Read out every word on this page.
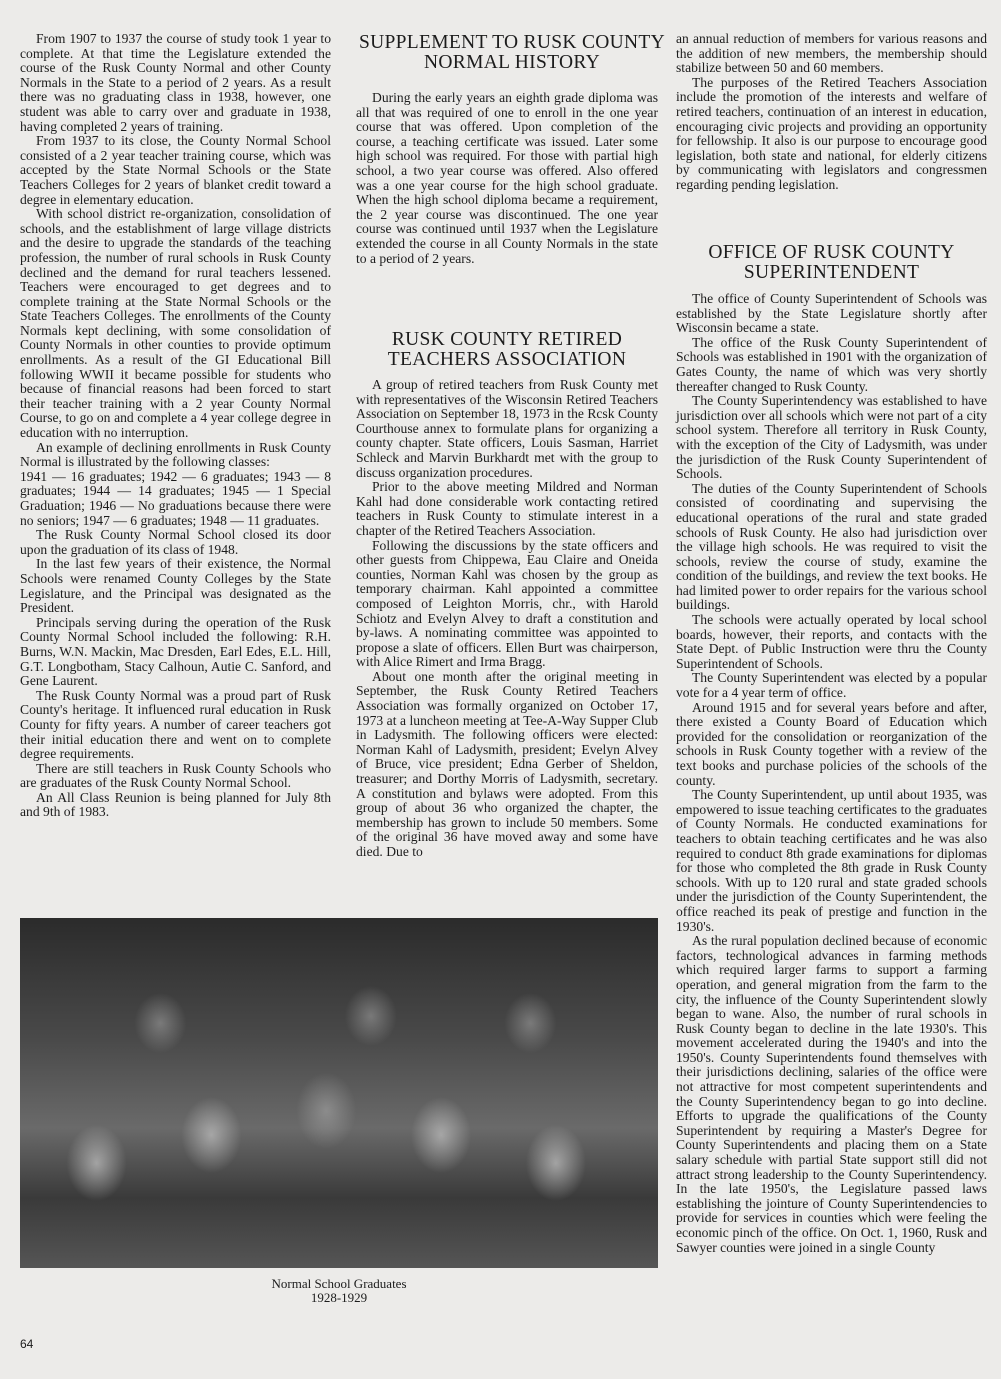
From 1907 to 1937 the course of study took 1 year to complete. At that time the Legislature extended the course of the Rusk County Normal and other County Normals in the State to a period of 2 years. As a result there was no graduating class in 1938, however, one student was able to carry over and graduate in 1938, having completed 2 years of training.

From 1937 to its close, the County Normal School consisted of a 2 year teacher training course, which was accepted by the State Normal Schools or the State Teachers Colleges for 2 years of blanket credit toward a degree in elementary education.

With school district re-organization, consolidation of schools, and the establishment of large village districts and the desire to upgrade the standards of the teaching profession, the number of rural schools in Rusk County declined and the demand for rural teachers lessened. Teachers were encouraged to get degrees and to complete training at the State Normal Schools or the State Teachers Colleges. The enrollments of the County Normals kept declining, with some consolidation of County Normals in other counties to provide optimum enrollments. As a result of the GI Educational Bill following WWII it became possible for students who because of financial reasons had been forced to start their teacher training with a 2 year County Normal Course, to go on and complete a 4 year college degree in education with no interruption.

An example of declining enrollments in Rusk County Normal is illustrated by the following classes:

1941 — 16 graduates; 1942 — 6 graduates; 1943 — 8 graduates; 1944 — 14 graduates; 1945 — 1 Special Graduation; 1946 — No graduations because there were no seniors; 1947 — 6 graduates; 1948 — 11 graduates.

The Rusk County Normal School closed its door upon the graduation of its class of 1948.

In the last few years of their existence, the Normal Schools were renamed County Colleges by the State Legislature, and the Principal was designated as the President.

Principals serving during the operation of the Rusk County Normal School included the following: R.H. Burns, W.N. Mackin, Mac Dresden, Earl Edes, E.L. Hill, G.T. Longbotham, Stacy Calhoun, Autie C. Sanford, and Gene Laurent.

The Rusk County Normal was a proud part of Rusk County's heritage. It influenced rural education in Rusk County for fifty years. A number of career teachers got their initial education there and went on to complete degree requirements.

There are still teachers in Rusk County Schools who are graduates of the Rusk County Normal School.

An All Class Reunion is being planned for July 8th and 9th of 1983.

SUPPLEMENT TO RUSK COUNTY NORMAL HISTORY

During the early years an eighth grade diploma was all that was required of one to enroll in the one year course that was offered. Upon completion of the course, a teaching certificate was issued. Later some high school was required. For those with partial high school, a two year course was offered. Also offered was a one year course for the high school graduate. When the high school diploma became a requirement, the 2 year course was discontinued. The one year course was continued until 1937 when the Legislature extended the course in all County Normals in the state to a period of 2 years.

RUSK COUNTY RETIRED TEACHERS ASSOCIATION

A group of retired teachers from Rusk County met with representatives of the Wisconsin Retired Teachers Association on September 18, 1973 in the Rcsk County Courthouse annex to formulate plans for organizing a county chapter. State officers, Louis Sasman, Harriet Schleck and Marvin Burkhardt met with the group to discuss organization procedures.

Prior to the above meeting Mildred and Norman Kahl had done considerable work contacting retired teachers in Rusk County to stimulate interest in a chapter of the Retired Teachers Association.

Following the discussions by the state officers and other guests from Chippewa, Eau Claire and Oneida counties, Norman Kahl was chosen by the group as temporary chairman. Kahl appointed a committee composed of Leighton Morris, chr., with Harold Schiotz and Evelyn Alvey to draft a constitution and by-laws. A nominating committee was appointed to propose a slate of officers. Ellen Burt was chairperson, with Alice Rimert and Irma Bragg.

About one month after the original meeting in September, the Rusk County Retired Teachers Association was formally organized on October 17, 1973 at a luncheon meeting at Tee-A-Way Supper Club in Ladysmith. The following officers were elected: Norman Kahl of Ladysmith, president; Evelyn Alvey of Bruce, vice president; Edna Gerber of Sheldon, treasurer; and Dorthy Morris of Ladysmith, secretary. A constitution and bylaws were adopted. From this group of about 36 who organized the chapter, the membership has grown to include 50 members. Some of the original 36 have moved away and some have died. Due to

an annual reduction of members for various reasons and the addition of new members, the membership should stabilize between 50 and 60 members.

The purposes of the Retired Teachers Association include the promotion of the interests and welfare of retired teachers, continuation of an interest in education, encouraging civic projects and providing an opportunity for fellowship. It also is our purpose to encourage good legislation, both state and national, for elderly citizens by communicating with legislators and congressmen regarding pending legislation.

OFFICE OF RUSK COUNTY SUPERINTENDENT

The office of County Superintendent of Schools was established by the State Legislature shortly after Wisconsin became a state.

The office of the Rusk County Superintendent of Schools was established in 1901 with the organization of Gates County, the name of which was very shortly thereafter changed to Rusk County.

The County Superintendency was established to have jurisdiction over all schools which were not part of a city school system. Therefore all territory in Rusk County, with the exception of the City of Ladysmith, was under the jurisdiction of the Rusk County Superintendent of Schools.

The duties of the County Superintendent of Schools consisted of coordinating and supervising the educational operations of the rural and state graded schools of Rusk County. He also had jurisdiction over the village high schools. He was required to visit the schools, review the course of study, examine the condition of the buildings, and review the text books. He had limited power to order repairs for the various school buildings.

The schools were actually operated by local school boards, however, their reports, and contacts with the State Dept. of Public Instruction were thru the County Superintendent of Schools.

The County Superintendent was elected by a popular vote for a 4 year term of office.

Around 1915 and for several years before and after, there existed a County Board of Education which provided for the consolidation or reorganization of the schools in Rusk County together with a review of the text books and purchase policies of the schools of the county.

The County Superintendent, up until about 1935, was empowered to issue teaching certificates to the graduates of County Normals. He conducted examinations for teachers to obtain teaching certificates and he was also required to conduct 8th grade examinations for diplomas for those who completed the 8th grade in Rusk County schools. With up to 120 rural and state graded schools under the jurisdiction of the County Superintendent, the office reached its peak of prestige and function in the 1930's.

As the rural population declined because of economic factors, technological advances in farming methods which required larger farms to support a farming operation, and general migration from the farm to the city, the influence of the County Superintendent slowly began to wane. Also, the number of rural schools in Rusk County began to decline in the late 1930's. This movement accelerated during the 1940's and into the 1950's. County Superintendents found themselves with their jurisdictions declining, salaries of the office were not attractive for most competent superintendents and the County Superintendency began to go into decline. Efforts to upgrade the qualifications of the County Superintendent by requiring a Master's Degree for County Superintendents and placing them on a State salary schedule with partial State support still did not attract strong leadership to the County Superintendency. In the late 1950's, the Legislature passed laws establishing the jointure of County Superintendencies to provide for services in counties which were feeling the economic pinch of the office. On Oct. 1, 1960, Rusk and Sawyer counties were joined in a single County

Normal School Graduates
1928-1929
64
